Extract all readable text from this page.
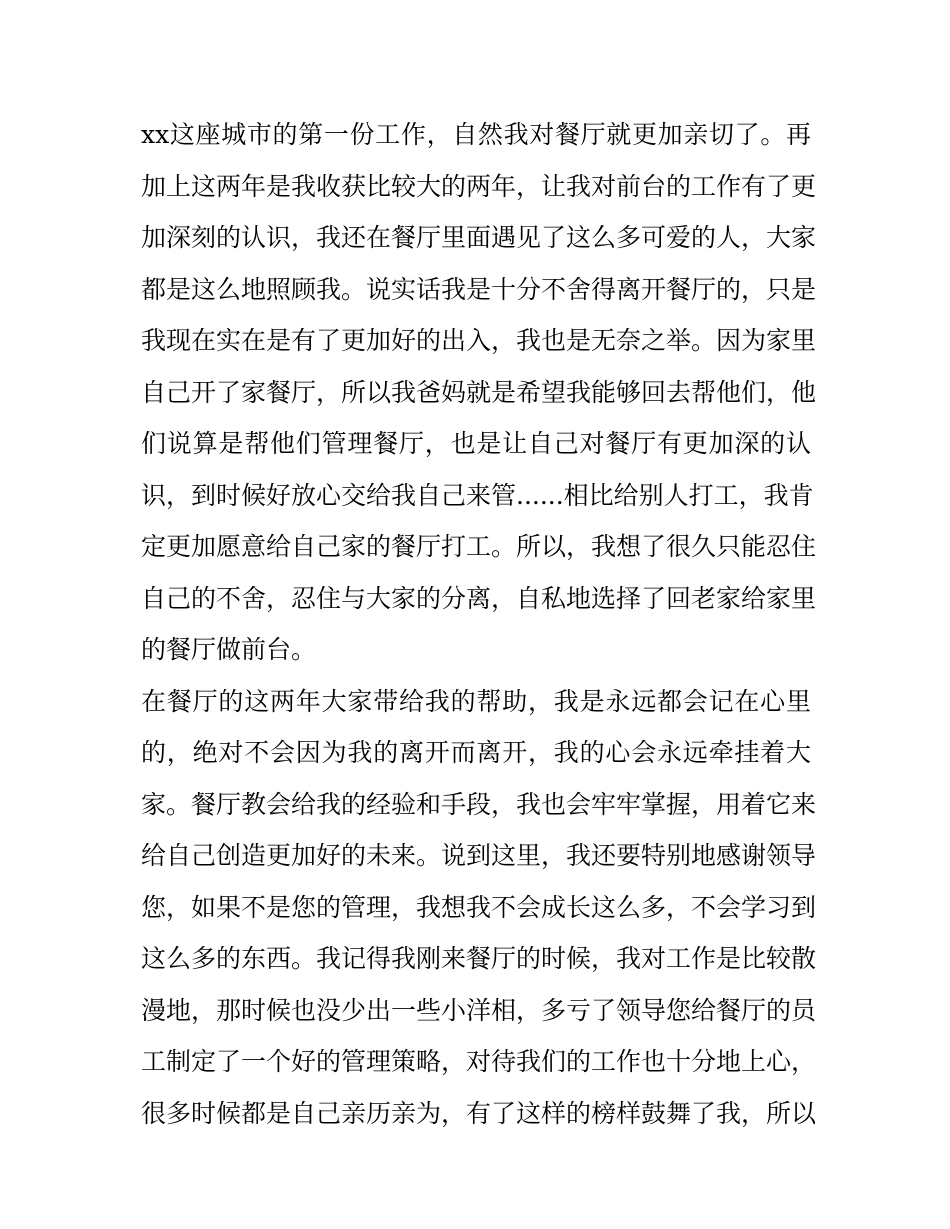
xx这座城市的第一份工作，自然我对餐厅就更加亲切了。再
加上这两年是我收获比较大的两年，让我对前台的工作有了更
加深刻的认识，我还在餐厅里面遇见了这么多可爱的人，大家
都是这么地照顾我。说实话我是十分不舍得离开餐厅的，只是
我现在实在是有了更加好的出入，我也是无奈之举。因为家里
自己开了家餐厅，所以我爸妈就是希望我能够回去帮他们，他
们说算是帮他们管理餐厅，也是让自己对餐厅有更加深的认
识，到时候好放心交给我自己来管......相比给别人打工，我肯
定更加愿意给自己家的餐厅打工。所以，我想了很久只能忍住
自己的不舍，忍住与大家的分离，自私地选择了回老家给家里
的餐厅做前台。
在餐厅的这两年大家带给我的帮助，我是永远都会记在心里
的，绝对不会因为我的离开而离开，我的心会永远牵挂着大
家。餐厅教会给我的经验和手段，我也会牢牢掌握，用着它来
给自己创造更加好的未来。说到这里，我还要特别地感谢领导
您，如果不是您的管理，我想我不会成长这么多，不会学习到
这么多的东西。我记得我刚来餐厅的时候，我对工作是比较散
漫地，那时候也没少出一些小洋相，多亏了领导您给餐厅的员
工制定了一个好的管理策略，对待我们的工作也十分地上心，
很多时候都是自己亲历亲为，有了这样的榜样鼓舞了我，所以
